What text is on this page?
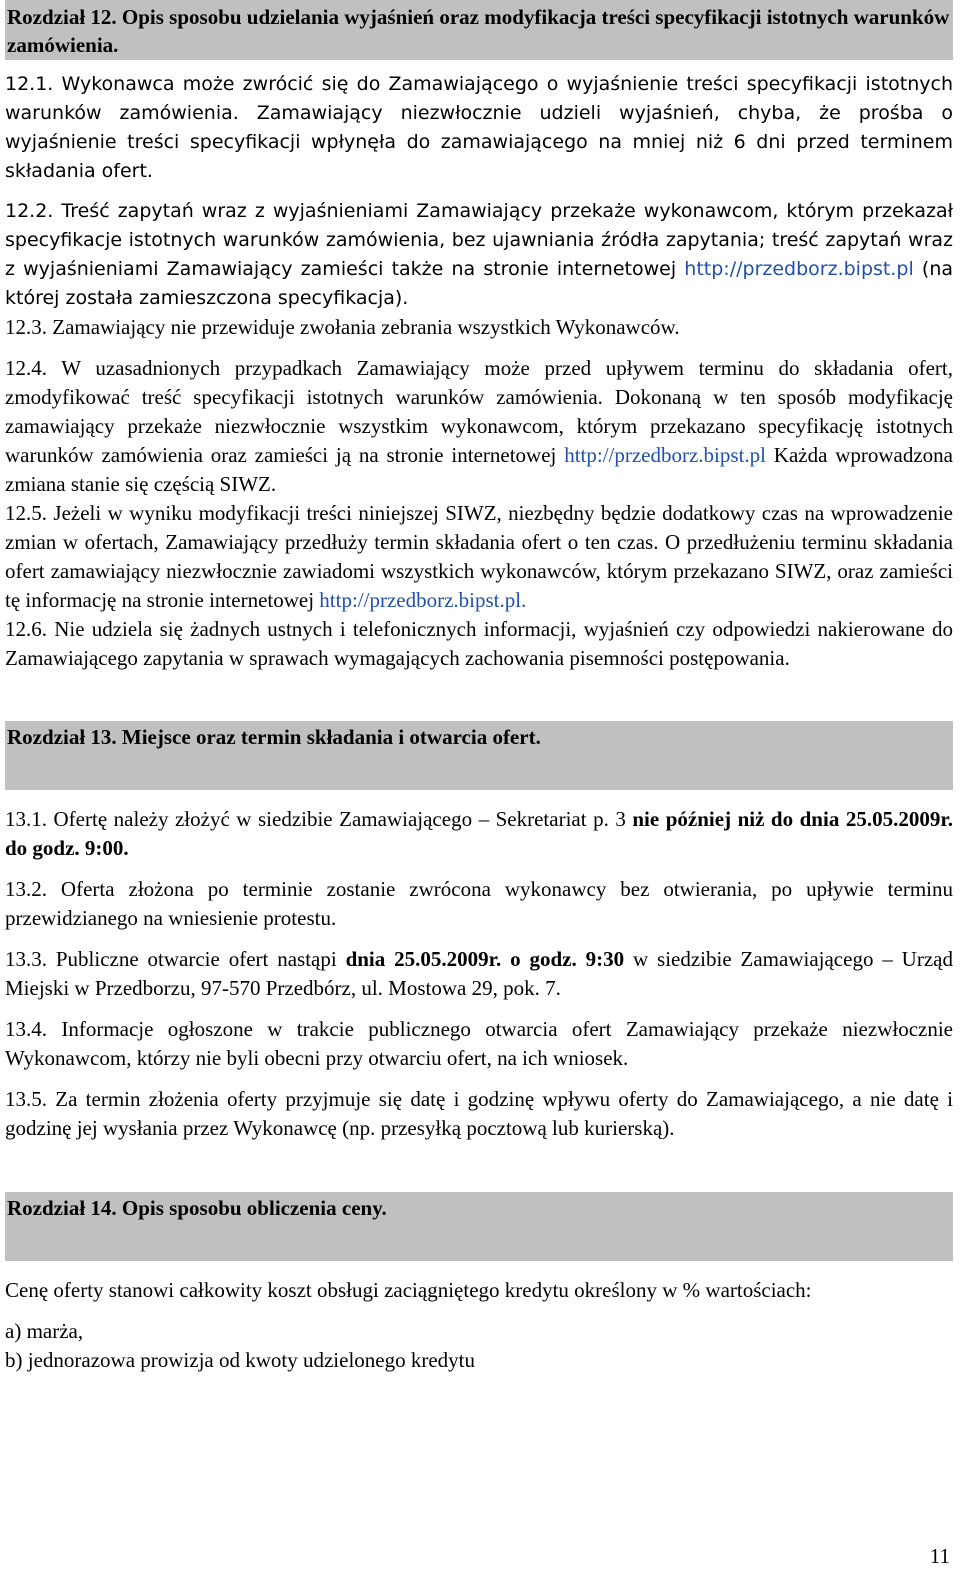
Rozdział 12. Opis sposobu udzielania wyjaśnień oraz modyfikacja treści specyfikacji istotnych warunków zamówienia.

12.1. Wykonawca może zwrócić się do Zamawiającego o wyjaśnienie treści specyfikacji istotnych warunków zamówienia. Zamawiający niezwłocznie udzieli wyjaśnień, chyba, że prośba o wyjaśnienie treści specyfikacji wpłynęła do zamawiającego na mniej niż 6 dni przed terminem składania ofert.

12.2. Treść zapytań wraz z wyjaśnieniami Zamawiający przekaże wykonawcom, którym przekazał specyfikacje istotnych warunków zamówienia, bez ujawniania źródła zapytania; treść zapytań wraz z wyjaśnieniami Zamawiający zamieści także na stronie internetowej http://przedborz.bipst.pl (na której została zamieszczona specyfikacja).

12.3. Zamawiający nie przewiduje zwołania zebrania wszystkich Wykonawców.

12.4. W uzasadnionych przypadkach Zamawiający może przed upływem terminu do składania ofert, zmodyfikować treść specyfikacji istotnych warunków zamówienia. Dokonaną w ten sposób modyfikację zamawiający przekaże niezwłocznie wszystkim wykonawcom, którym przekazano specyfikację istotnych warunków zamówienia oraz zamieści ją na stronie internetowej http://przedborz.bipst.pl Każda wprowadzona zmiana stanie się częścią SIWZ.

12.5. Jeżeli w wyniku modyfikacji treści niniejszej SIWZ, niezbędny będzie dodatkowy czas na wprowadzenie zmian w ofertach, Zamawiający przedłuży termin składania ofert o ten czas. O przedłużeniu terminu składania ofert zamawiający niezwłocznie zawiadomi wszystkich wykonawców, którym przekazano SIWZ, oraz zamieści tę informację na stronie internetowej http://przedborz.bipst.pl.

12.6. Nie udziela się żadnych ustnych i telefonicznych informacji, wyjaśnień czy odpowiedzi nakierowane do Zamawiającego zapytania w sprawach wymagających zachowania pisemności postępowania.

Rozdział 13. Miejsce oraz termin składania i otwarcia ofert.

13.1. Ofertę należy złożyć w siedzibie Zamawiającego – Sekretariat p. 3 nie później niż do dnia 25.05.2009r. do godz. 9:00.

13.2. Oferta złożona po terminie zostanie zwrócona wykonawcy bez otwierania, po upływie terminu przewidzianego na wniesienie protestu.

13.3. Publiczne otwarcie ofert nastąpi dnia 25.05.2009r. o godz. 9:30 w siedzibie Zamawiającego – Urząd Miejski w Przedborzu, 97-570 Przedbórz, ul. Mostowa 29, pok. 7.

13.4. Informacje ogłoszone w trakcie publicznego otwarcia ofert Zamawiający przekaże niezwłocznie Wykonawcom, którzy nie byli obecni przy otwarciu ofert, na ich wniosek.

13.5. Za termin złożenia oferty przyjmuje się datę i godzinę wpływu oferty do Zamawiającego, a nie datę i godzinę jej wysłania przez Wykonawcę (np. przesyłką pocztową lub kurierską).

Rozdział 14. Opis sposobu obliczenia ceny.

Cenę oferty stanowi całkowity koszt obsługi zaciągniętego kredytu określony w % wartościach:

a) marża,

b) jednorazowa prowizja od kwoty udzielonego kredytu

11
